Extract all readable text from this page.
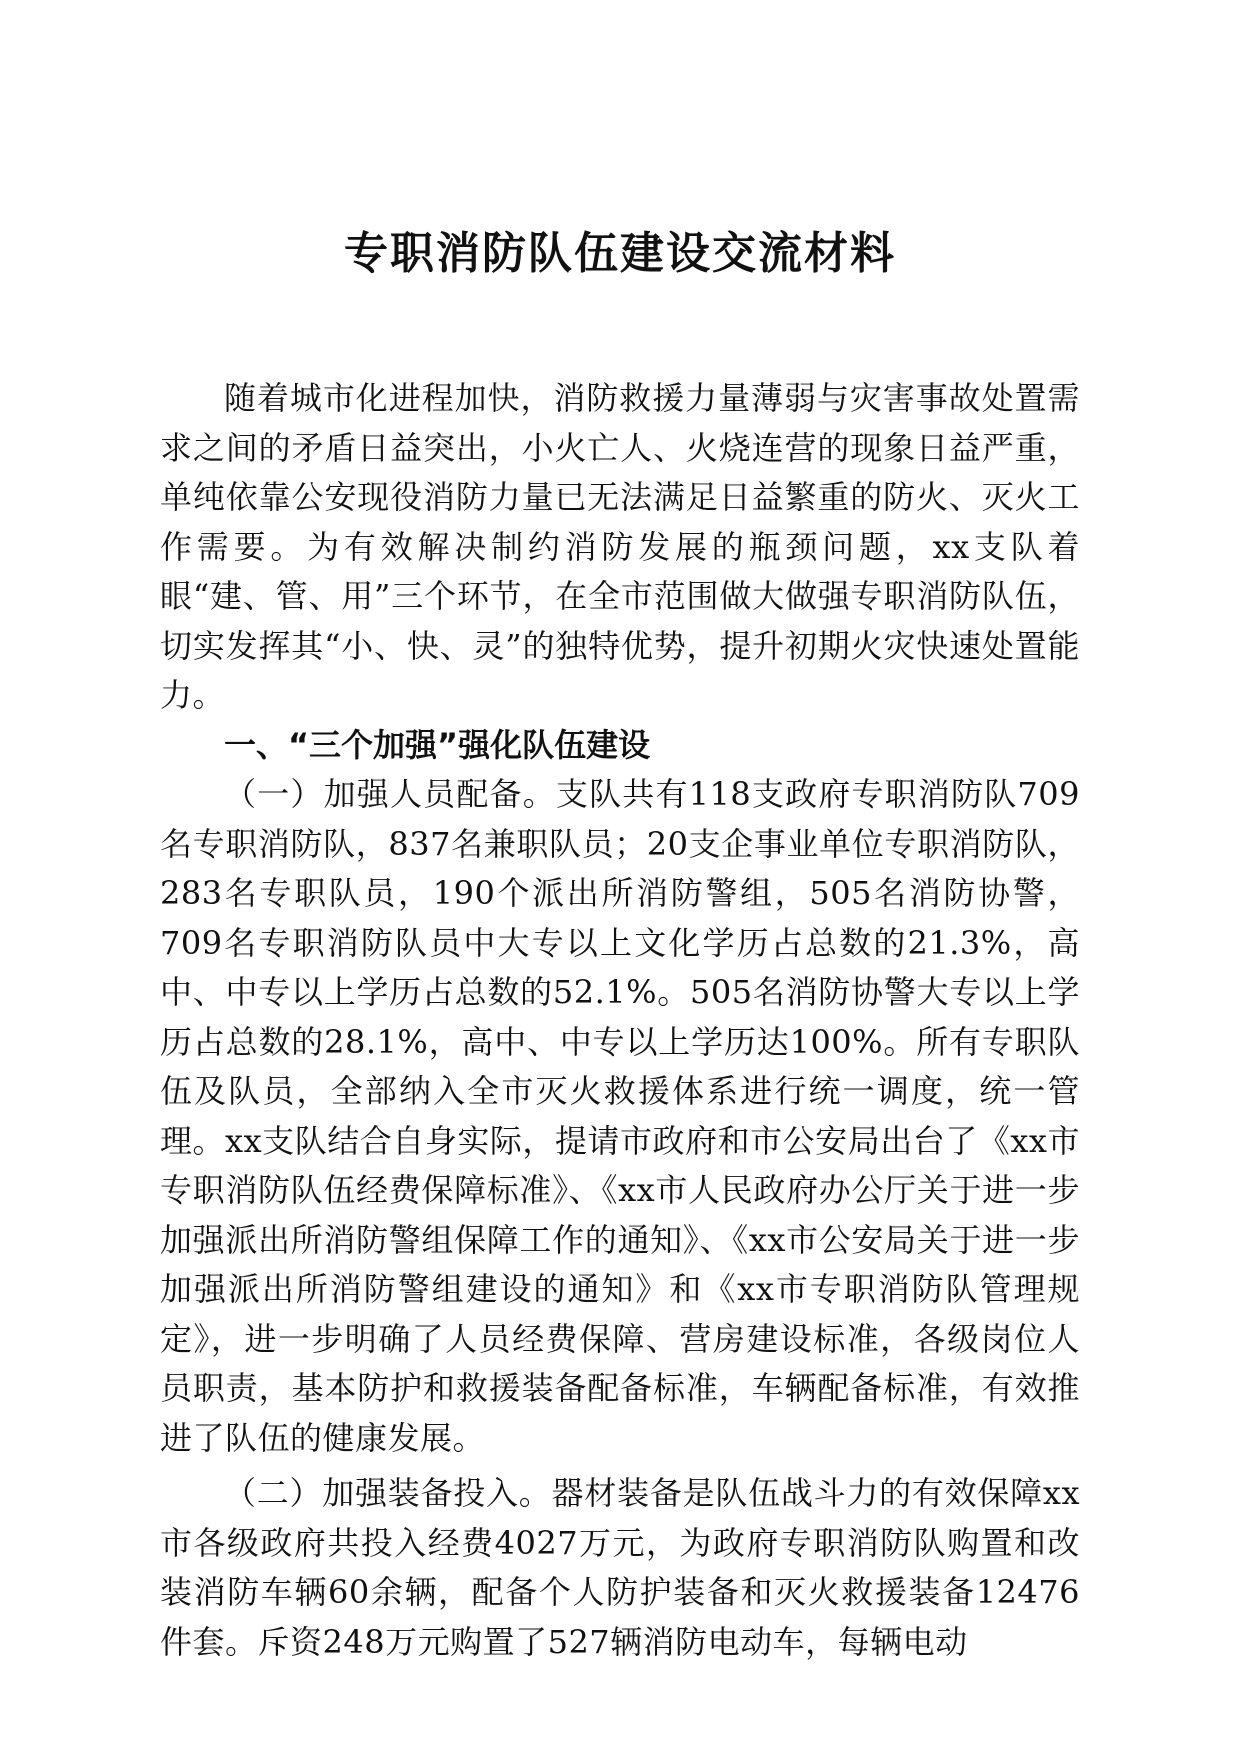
专职消防队伍建设交流材料

随着城市化进程加快，消防救援力量薄弱与灾害事故处置需求之间的矛盾日益突出，小火亡人、火烧连营的现象日益严重，单纯依靠公安现役消防力量已无法满足日益繁重的防火、灭火工作需要。为有效解决制约消防发展的瓶颈问题，xx支队着眼“建、管、用”三个环节，在全市范围做大做强专职消防队伍，切实发挥其“小、快、灵”的独特优势，提升初期火灾快速处置能力。

一、“三个加强”强化队伍建设

（一）加强人员配备。支队共有118支政府专职消防队709名专职消防队，837名兼职队员；20支企事业单位专职消防队，283名专职队员，190个派出所消防警组，505名消防协警，709名专职消防队员中大专以上文化学历占总数的21.3%，高中、中专以上学历占总数的52.1%。505名消防协警大专以上学历占总数的28.1%，高中、中专以上学历达100%。所有专职队伍及队员，全部纳入全市灭火救援体系进行统一调度，统一管理。xx支队结合自身实际，提请市政府和市公安局出台了《xx市专职消防队伍经费保障标准》、《xx市人民政府办公厅关于进一步加强派出所消防警组保障工作的通知》、《xx市公安局关于进一步加强派出所消防警组建设的通知》和《xx市专职消防队管理规定》，进一步明确了人员经费保障、营房建设标准，各级岗位人员职责，基本防护和救援装备配备标准，车辆配备标准，有效推进了队伍的健康发展。

（二）加强装备投入。器材装备是队伍战斗力的有效保障xx市各级政府共投入经费4027万元，为政府专职消防队购置和改装消防车辆60余辆，配备个人防护装备和灭火救援装备12476件套。斥资248万元购置了527辆消防电动车，每辆电动
